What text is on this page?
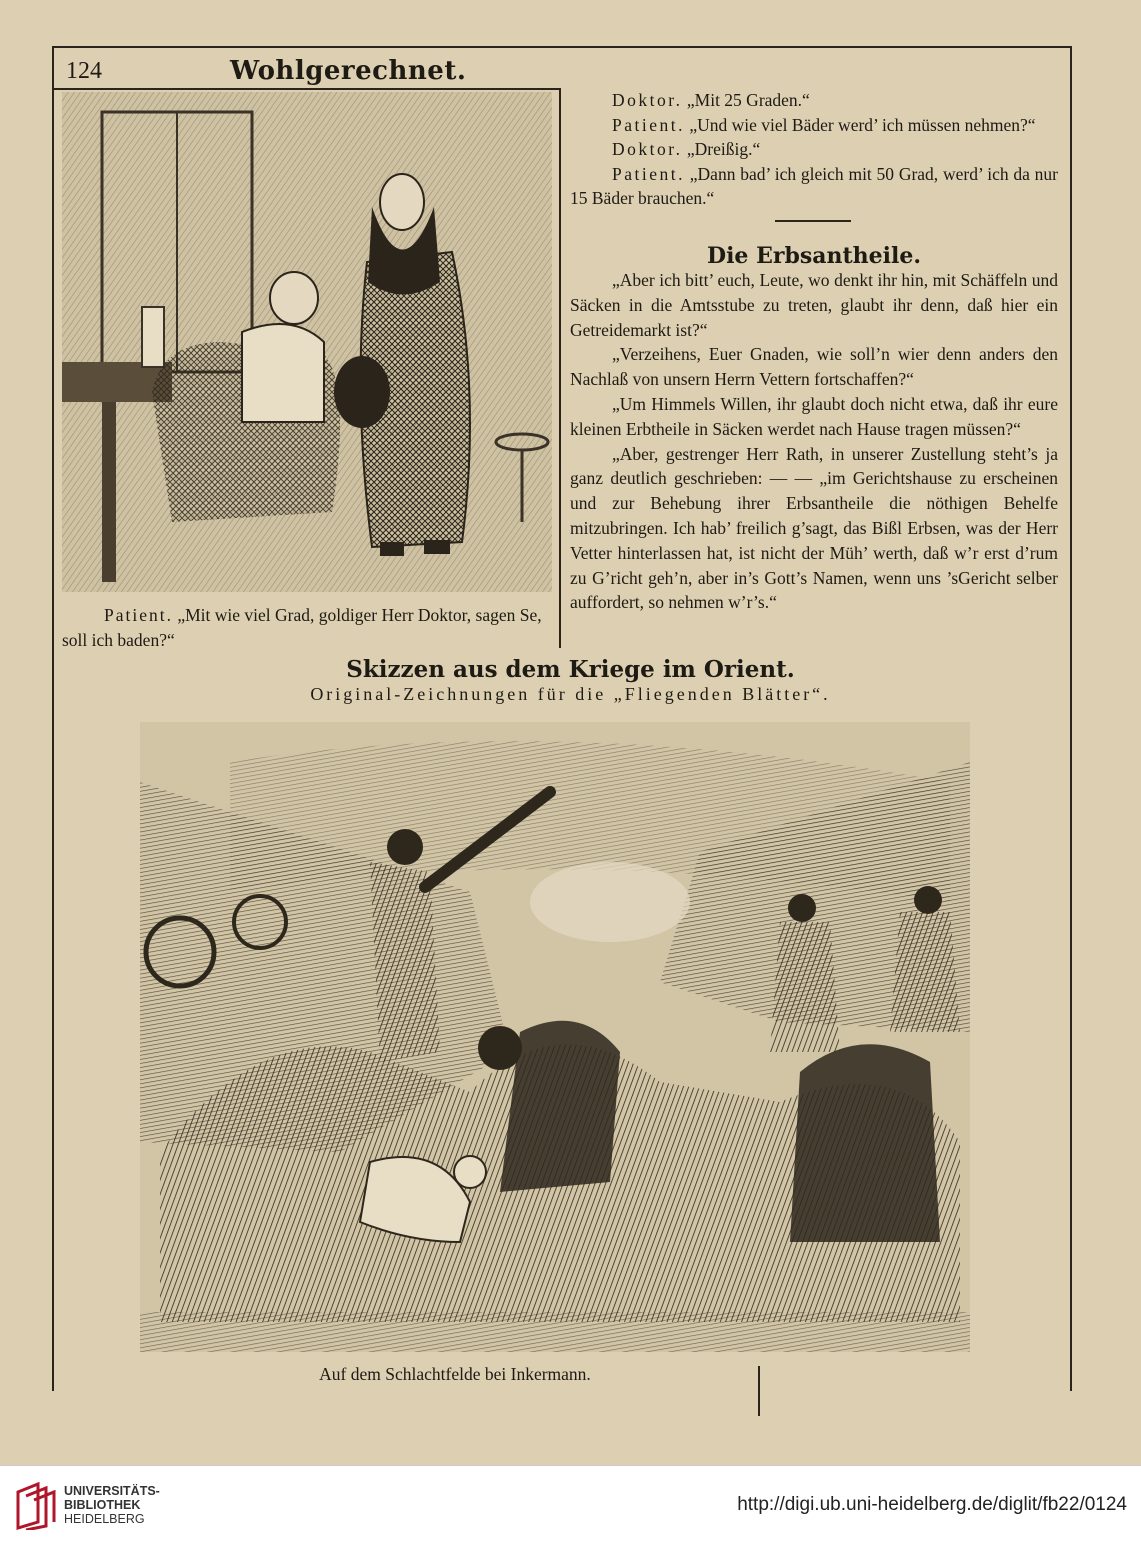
124	Wohlgerechnet.
Patient. „Mit wie viel Grad, goldiger Herr Doktor, sagen Se, soll ich baden?“

Doktor. „Mit 25 Graden.“

Patient. „Und wie viel Bäder werd’ ich müssen nehmen?“

Doktor. „Dreißig.“

Patient. „Dann bad’ ich gleich mit 50 Grad, werd’ ich da nur 15 Bäder brauchen.“

Die Erbsantheile.

„Aber ich bitt’ euch, Leute, wo denkt ihr hin, mit Schäffeln und Säcken in die Amtsstube zu treten, glaubt ihr denn, daß hier ein Getreidemarkt ist?“

„Verzeihens, Euer Gnaden, wie soll’n wier denn anders den Nachlaß von unsern Herrn Vettern fortschaffen?“

„Um Himmels Willen, ihr glaubt doch nicht etwa, daß ihr eure kleinen Erbtheile in Säcken werdet nach Hause tragen müssen?“

„Aber, gestrenger Herr Rath, in unserer Zustellung steht’s ja ganz deutlich geschrieben: — — „im Gerichtshause zu erscheinen und zur Behebung ihrer Erbsantheile die nöthigen Behelfe mitzubringen. Ich hab’ freilich g’sagt, das Bißl Erbsen, was der Herr Vetter hinterlassen hat, ist nicht der Müh’ werth, daß w’r erst d’rum zu G’richt geh’n, aber in’s Gott’s Namen, wenn uns ’sGericht selber auffordert, so nehmen w’r’s.“

Skizzen aus dem Kriege im Orient.
Original-Zeichnungen für die „Fliegenden Blätter“.
Auf dem Schlachtfelde bei Inkermann.
UNIVERSITÄTS-
BIBLIOTHEK
HEIDELBERG
http://digi.ub.uni-heidelberg.de/diglit/fb22/0124
